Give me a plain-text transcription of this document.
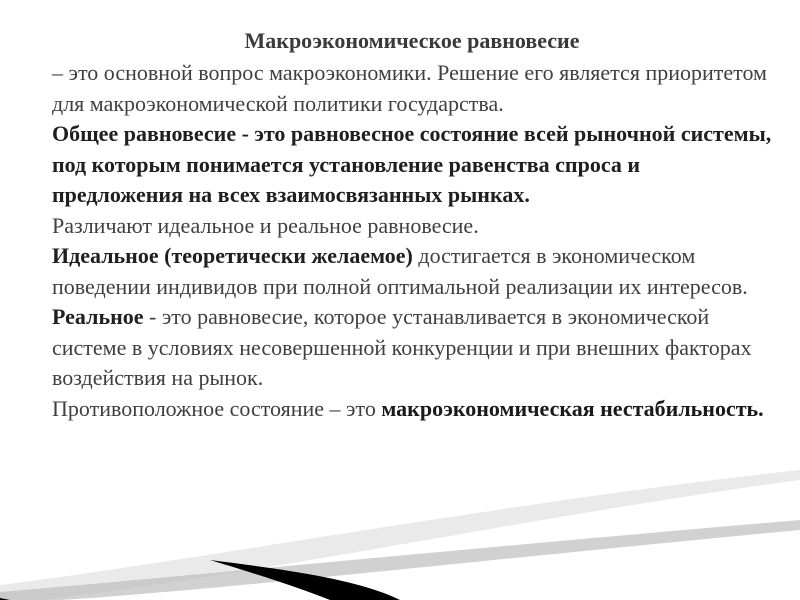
Макроэкономическое равновесие

– это основной вопрос макроэкономики. Решение его является приоритетом для макроэкономической политики государства.

Общее равновесие - это равновесное состояние всей рыночной системы, под которым понимается установление равенства спроса и предложения на всех взаимосвязанных рынках.

Различают идеальное и реальное равновесие.

Идеальное (теоретически желаемое) достигается в экономическом поведении индивидов при полной оптимальной реализации их интересов.

Реальное - это равновесие, которое устанавливается в экономической системе в условиях несовершенной конкуренции и при внешних факторах воздействия на рынок.

Противоположное состояние – это макроэкономическая нестабильность.
